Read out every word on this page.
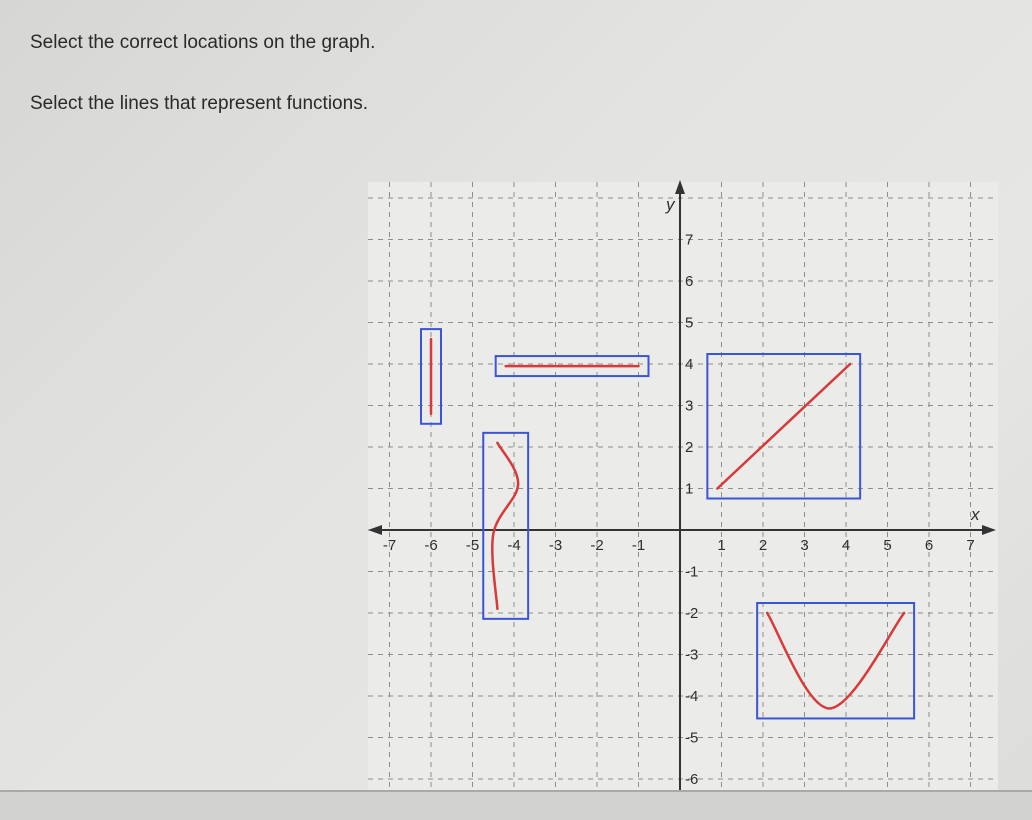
Select the correct locations on the graph.
Select the lines that represent functions.
-7 -6 -5	-3 -2 -1	1 2 3 4 5 6 7
7
6
5
4
3
2
1
-1
-2
-3
-4
-5
-6
x
y
